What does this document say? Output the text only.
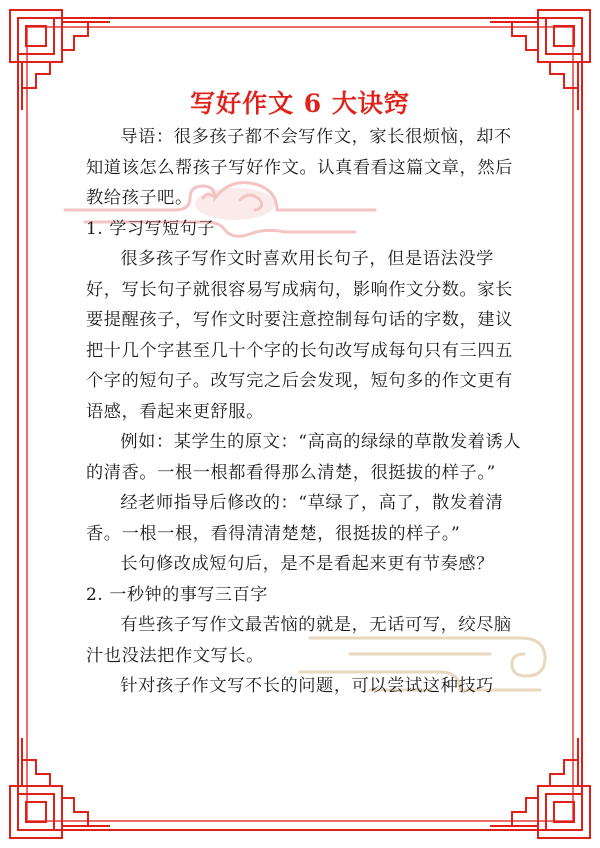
写好作文 6 大诀窍

导语：很多孩子都不会写作文，家长很烦恼，却不知道该怎么帮孩子写好作文。认真看看这篇文章，然后教给孩子吧。

1. 学习写短句子

很多孩子写作文时喜欢用长句子，但是语法没学好，写长句子就很容易写成病句，影响作文分数。家长要提醒孩子，写作文时要注意控制每句话的字数，建议把十几个字甚至几十个字的长句改写成每句只有三四五个字的短句子。改写完之后会发现，短句多的作文更有语感，看起来更舒服。

例如：某学生的原文：“高高的绿绿的草散发着诱人的清香。一根一根都看得那么清楚，很挺拔的样子。”

经老师指导后修改的：“草绿了，高了，散发着清香。一根一根，看得清清楚楚，很挺拔的样子。”

长句修改成短句后，是不是看起来更有节奏感？

2. 一秒钟的事写三百字

有些孩子写作文最苦恼的就是，无话可写，绞尽脑汁也没法把作文写长。

针对孩子作文写不长的问题，可以尝试这种技巧
